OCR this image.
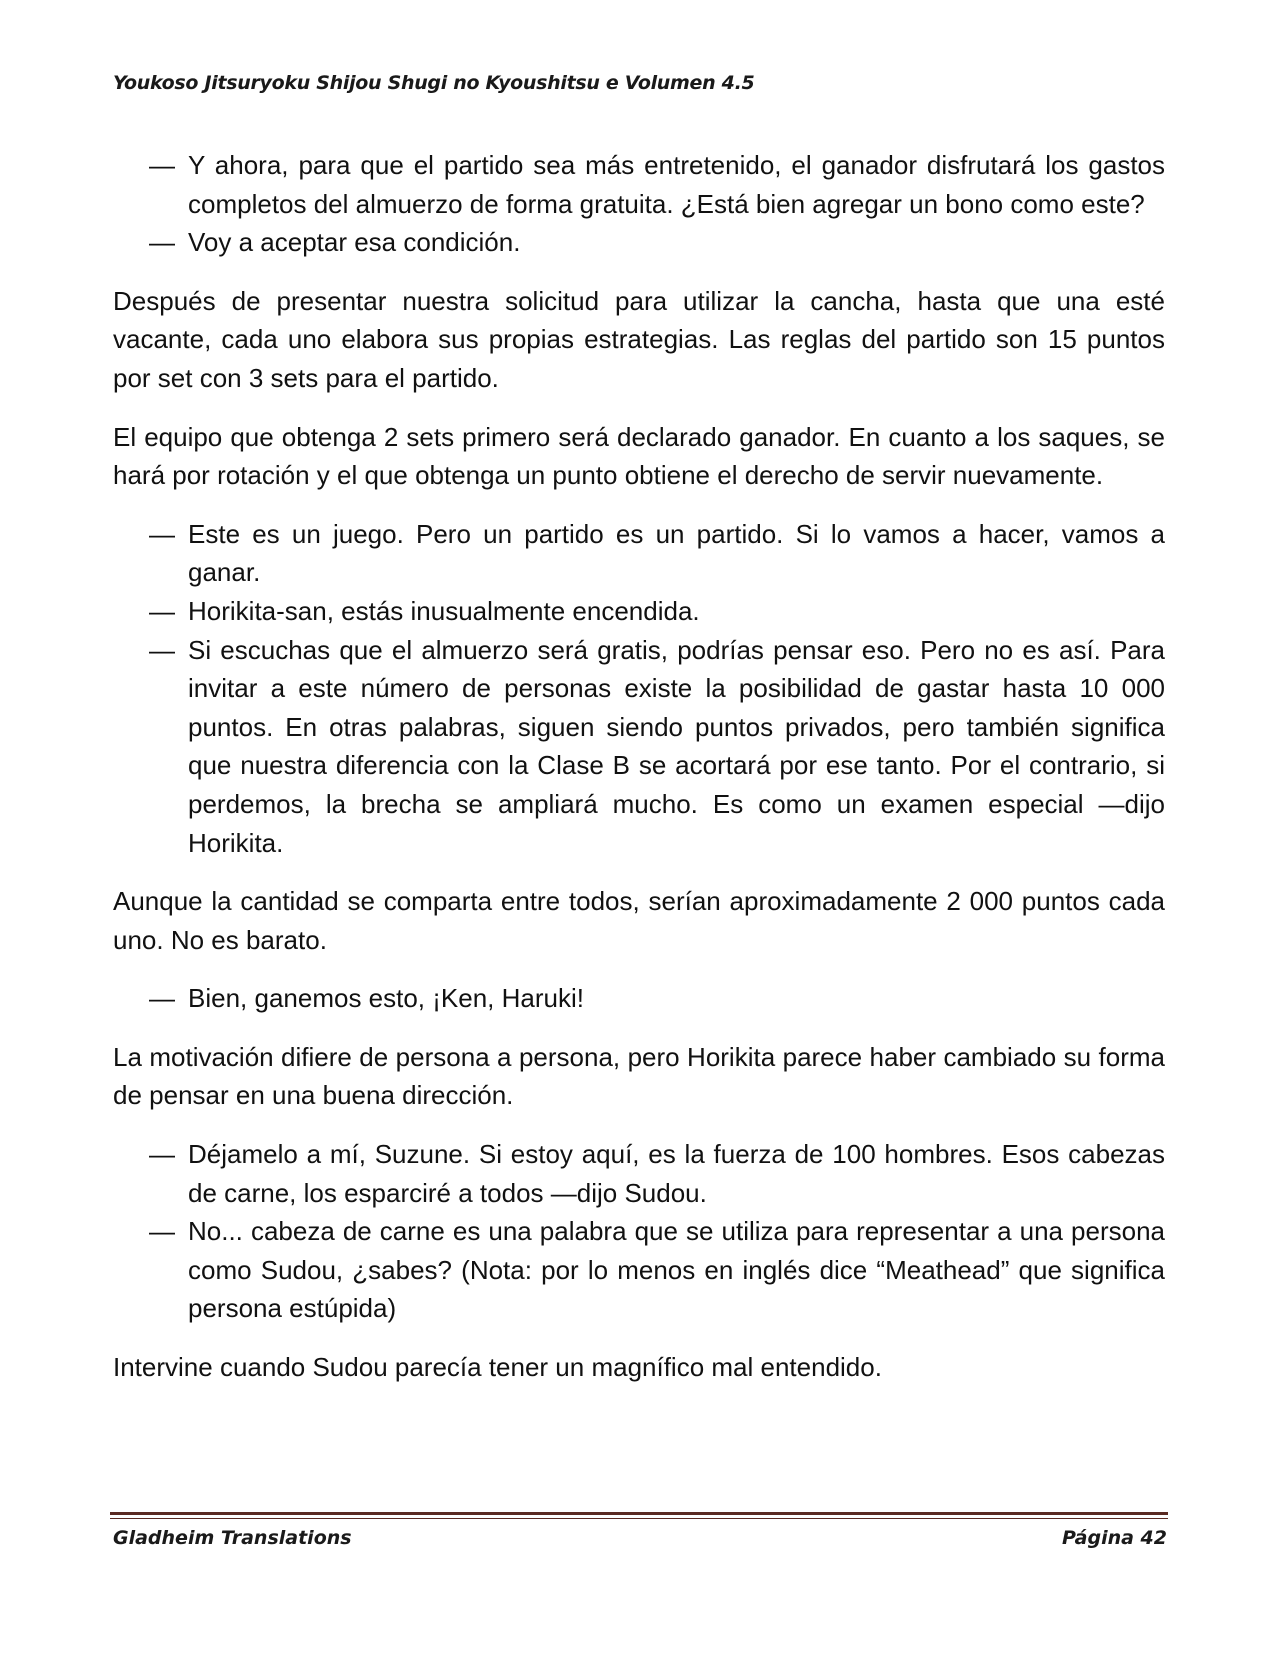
Youkoso Jitsuryoku Shijou Shugi no Kyoushitsu e Volumen 4.5

— Y ahora, para que el partido sea más entretenido, el ganador disfrutará los gastos completos del almuerzo de forma gratuita. ¿Está bien agregar un bono como este?

— Voy a aceptar esa condición.

Después de presentar nuestra solicitud para utilizar la cancha, hasta que una esté vacante, cada uno elabora sus propias estrategias. Las reglas del partido son 15 puntos por set con 3 sets para el partido.

El equipo que obtenga 2 sets primero será declarado ganador. En cuanto a los saques, se hará por rotación y el que obtenga un punto obtiene el derecho de servir nuevamente.

— Este es un juego. Pero un partido es un partido. Si lo vamos a hacer, vamos a ganar.

— Horikita-san, estás inusualmente encendida.

— Si escuchas que el almuerzo será gratis, podrías pensar eso. Pero no es así. Para invitar a este número de personas existe la posibilidad de gastar hasta 10 000 puntos. En otras palabras, siguen siendo puntos privados, pero también significa que nuestra diferencia con la Clase B se acortará por ese tanto. Por el contrario, si perdemos, la brecha se ampliará mucho. Es como un examen especial —dijo Horikita.

Aunque la cantidad se comparta entre todos, serían aproximadamente 2 000 puntos cada uno. No es barato.

— Bien, ganemos esto, ¡Ken, Haruki!

La motivación difiere de persona a persona, pero Horikita parece haber cambiado su forma de pensar en una buena dirección.

— Déjamelo a mí, Suzune. Si estoy aquí, es la fuerza de 100 hombres. Esos cabezas de carne, los esparciré a todos —dijo Sudou.

— No... cabeza de carne es una palabra que se utiliza para representar a una persona como Sudou, ¿sabes? (Nota: por lo menos en inglés dice “Meathead” que significa persona estúpida)

Intervine cuando Sudou parecía tener un magnífico mal entendido.

Gladheim Translations	Página 42
